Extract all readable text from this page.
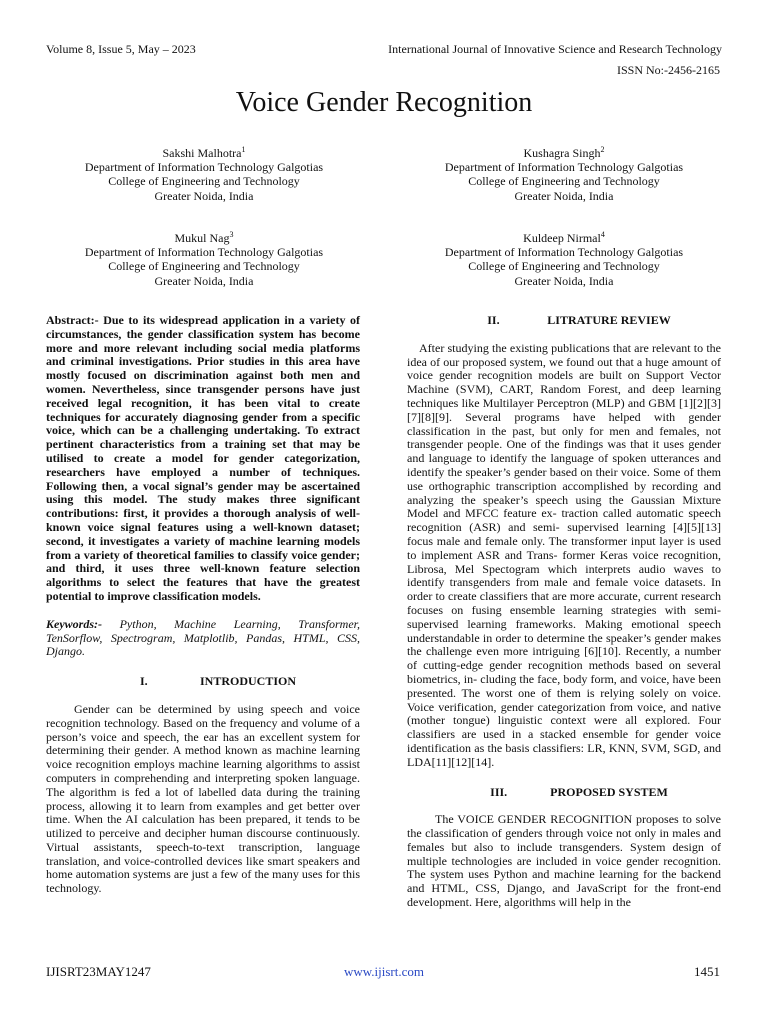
Volume 8, Issue 5, May – 2023	International Journal of Innovative Science and Research Technology
ISSN No:-2456-2165
Voice Gender Recognition
Sakshi Malhotra$^1$
Department of Information Technology Galgotias
College of Engineering and Technology
Greater Noida, India
Kushagra Singh$^2$
Department of Information Technology Galgotias
College of Engineering and Technology
Greater Noida, India
Mukul Nag$^3$
Department of Information Technology Galgotias
College of Engineering and Technology
Greater Noida, India
Kuldeep Nirmal$^4$
Department of Information Technology Galgotias
College of Engineering and Technology
Greater Noida, India

Abstract:- Due to its widespread application in a variety of circumstances, the gender classification system has become more and more relevant including social media platforms and criminal investigations. Prior studies in this area have mostly focused on discrimination against both men and women. Nevertheless, since transgender persons have just received legal recognition, it has been vital to create techniques for accurately diagnosing gender from a specific voice, which can be a challenging undertaking. To extract pertinent characteristics from a training set that may be utilised to create a model for gender categorization, researchers have employed a number of techniques. Following then, a vocal signal’s gender may be ascertained using this model. The study makes three significant contributions: first, it provides a thorough analysis of well-known voice signal features using a well-known dataset; second, it investigates a variety of machine learning models from a variety of theoretical families to classify voice gender; and third, it uses three well-known feature selection algorithms to select the features that have the greatest potential to improve classification models.

Keywords:- Python, Machine Learning, Transformer, TenSorflow, Spectrogram, Matplotlib, Pandas, HTML, CSS, Django.

I.	INTRODUCTION

Gender can be determined by using speech and voice recognition technology. Based on the frequency and volume of a person’s voice and speech, the ear has an excellent system for determining their gender. A method known as machine learning voice recognition employs machine learning algorithms to assist computers in comprehending and interpreting spoken language. The algorithm is fed a lot of labelled data during the training process, allowing it to learn from examples and get better over time. When the AI calculation has been prepared, it tends to be utilized to perceive and decipher human discourse continuously. Virtual assistants, speech-to-text transcription, language translation, and voice-controlled devices like smart speakers and home automation systems are just a few of the many uses for this technology.

II.	LITRATURE REVIEW

After studying the existing publications that are relevant to the idea of our proposed system, we found out that a huge amount of voice gender recognition models are built on Support Vector Machine (SVM), CART, Random Forest, and deep learning techniques like Multilayer Perceptron (MLP) and GBM [1][2][3][7][8][9]. Several programs have helped with gender classification in the past, but only for men and females, not transgender people. One of the findings was that it uses gender and language to identify the language of spoken utterances and identify the speaker’s gender based on their voice. Some of them use orthographic transcription accomplished by recording and analyzing the speaker’s speech using the Gaussian Mixture Model and MFCC feature ex- traction called automatic speech recognition (ASR) and semi- supervised learning [4][5][13] focus male and female only. The transformer input layer is used to implement ASR and Trans- former Keras voice recognition, Librosa, Mel Spectogram which interprets audio waves to identify transgenders from male and female voice datasets. In order to create classifiers that are more accurate, current research focuses on fusing ensemble learning strategies with semi-supervised learning frameworks. Making emotional speech understandable in order to determine the speaker’s gender makes the challenge even more intriguing [6][10]. Recently, a number of cutting-edge gender recognition methods based on several biometrics, in- cluding the face, body form, and voice, have been presented. The worst one of them is relying solely on voice. Voice verification, gender categorization from voice, and native (mother tongue) linguistic context were all explored. Four classifiers are used in a stacked ensemble for gender voice identification as the basis classifiers: LR, KNN, SVM, SGD, and LDA[11][12][14].

III.	PROPOSED SYSTEM

The VOICE GENDER RECOGNITION proposes to solve the classification of genders through voice not only in males and females but also to include transgenders. System design of multiple technologies are included in voice gender recognition. The system uses Python and machine learning for the backend and HTML, CSS, Django, and JavaScript for the front-end development. Here, algorithms will help in the

IJISRT23MAY1247	www.ijisrt.com	1451
